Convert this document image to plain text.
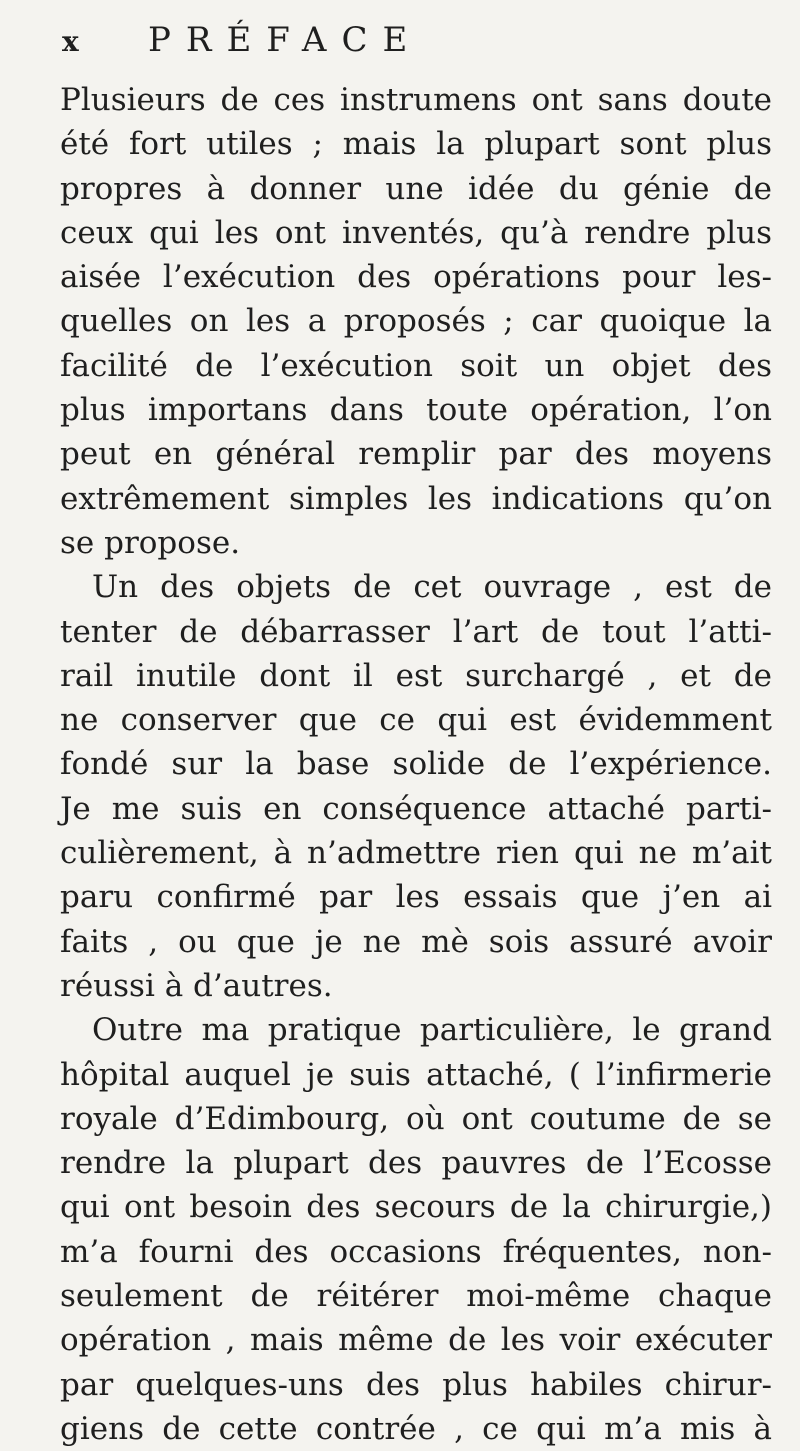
x PRÉFACE
Plusieurs de ces instrumens ont sans doute
été fort utiles ; mais la plupart sont plus
propres à donner une idée du génie de
ceux qui les ont inventés, qu’à rendre plus
aisée l’exécution des opérations pour les-
quelles on les a proposés ; car quoique la
facilité de l’exécution soit un objet des
plus importans dans toute opération, l’on
peut en général remplir par des moyens
extrêmement simples les indications qu’on
se propose.
Un des objets de cet ouvrage , est de
tenter de débarrasser l’art de tout l’atti-
rail inutile dont il est surchargé , et de
ne conserver que ce qui est évidemment
fondé sur la base solide de l’expérience.
Je me suis en conséquence attaché parti-
culièrement, à n’admettre rien qui ne m’ait
paru confirmé par les essais que j’en ai
faits , ou que je ne mè sois assuré avoir
réussi à d’autres.
Outre ma pratique particulière, le grand
hôpital auquel je suis attaché, ( l’infirmerie
royale d’Edimbourg, où ont coutume de se
rendre la plupart des pauvres de l’Ecosse
qui ont besoin des secours de la chirurgie,)
m’a fourni des occasions fréquentes, non-
seulement de réitérer moi-même chaque
opération , mais même de les voir exécuter
par quelques-uns des plus habiles chirur-
giens de cette contrée , ce qui m’a mis à
